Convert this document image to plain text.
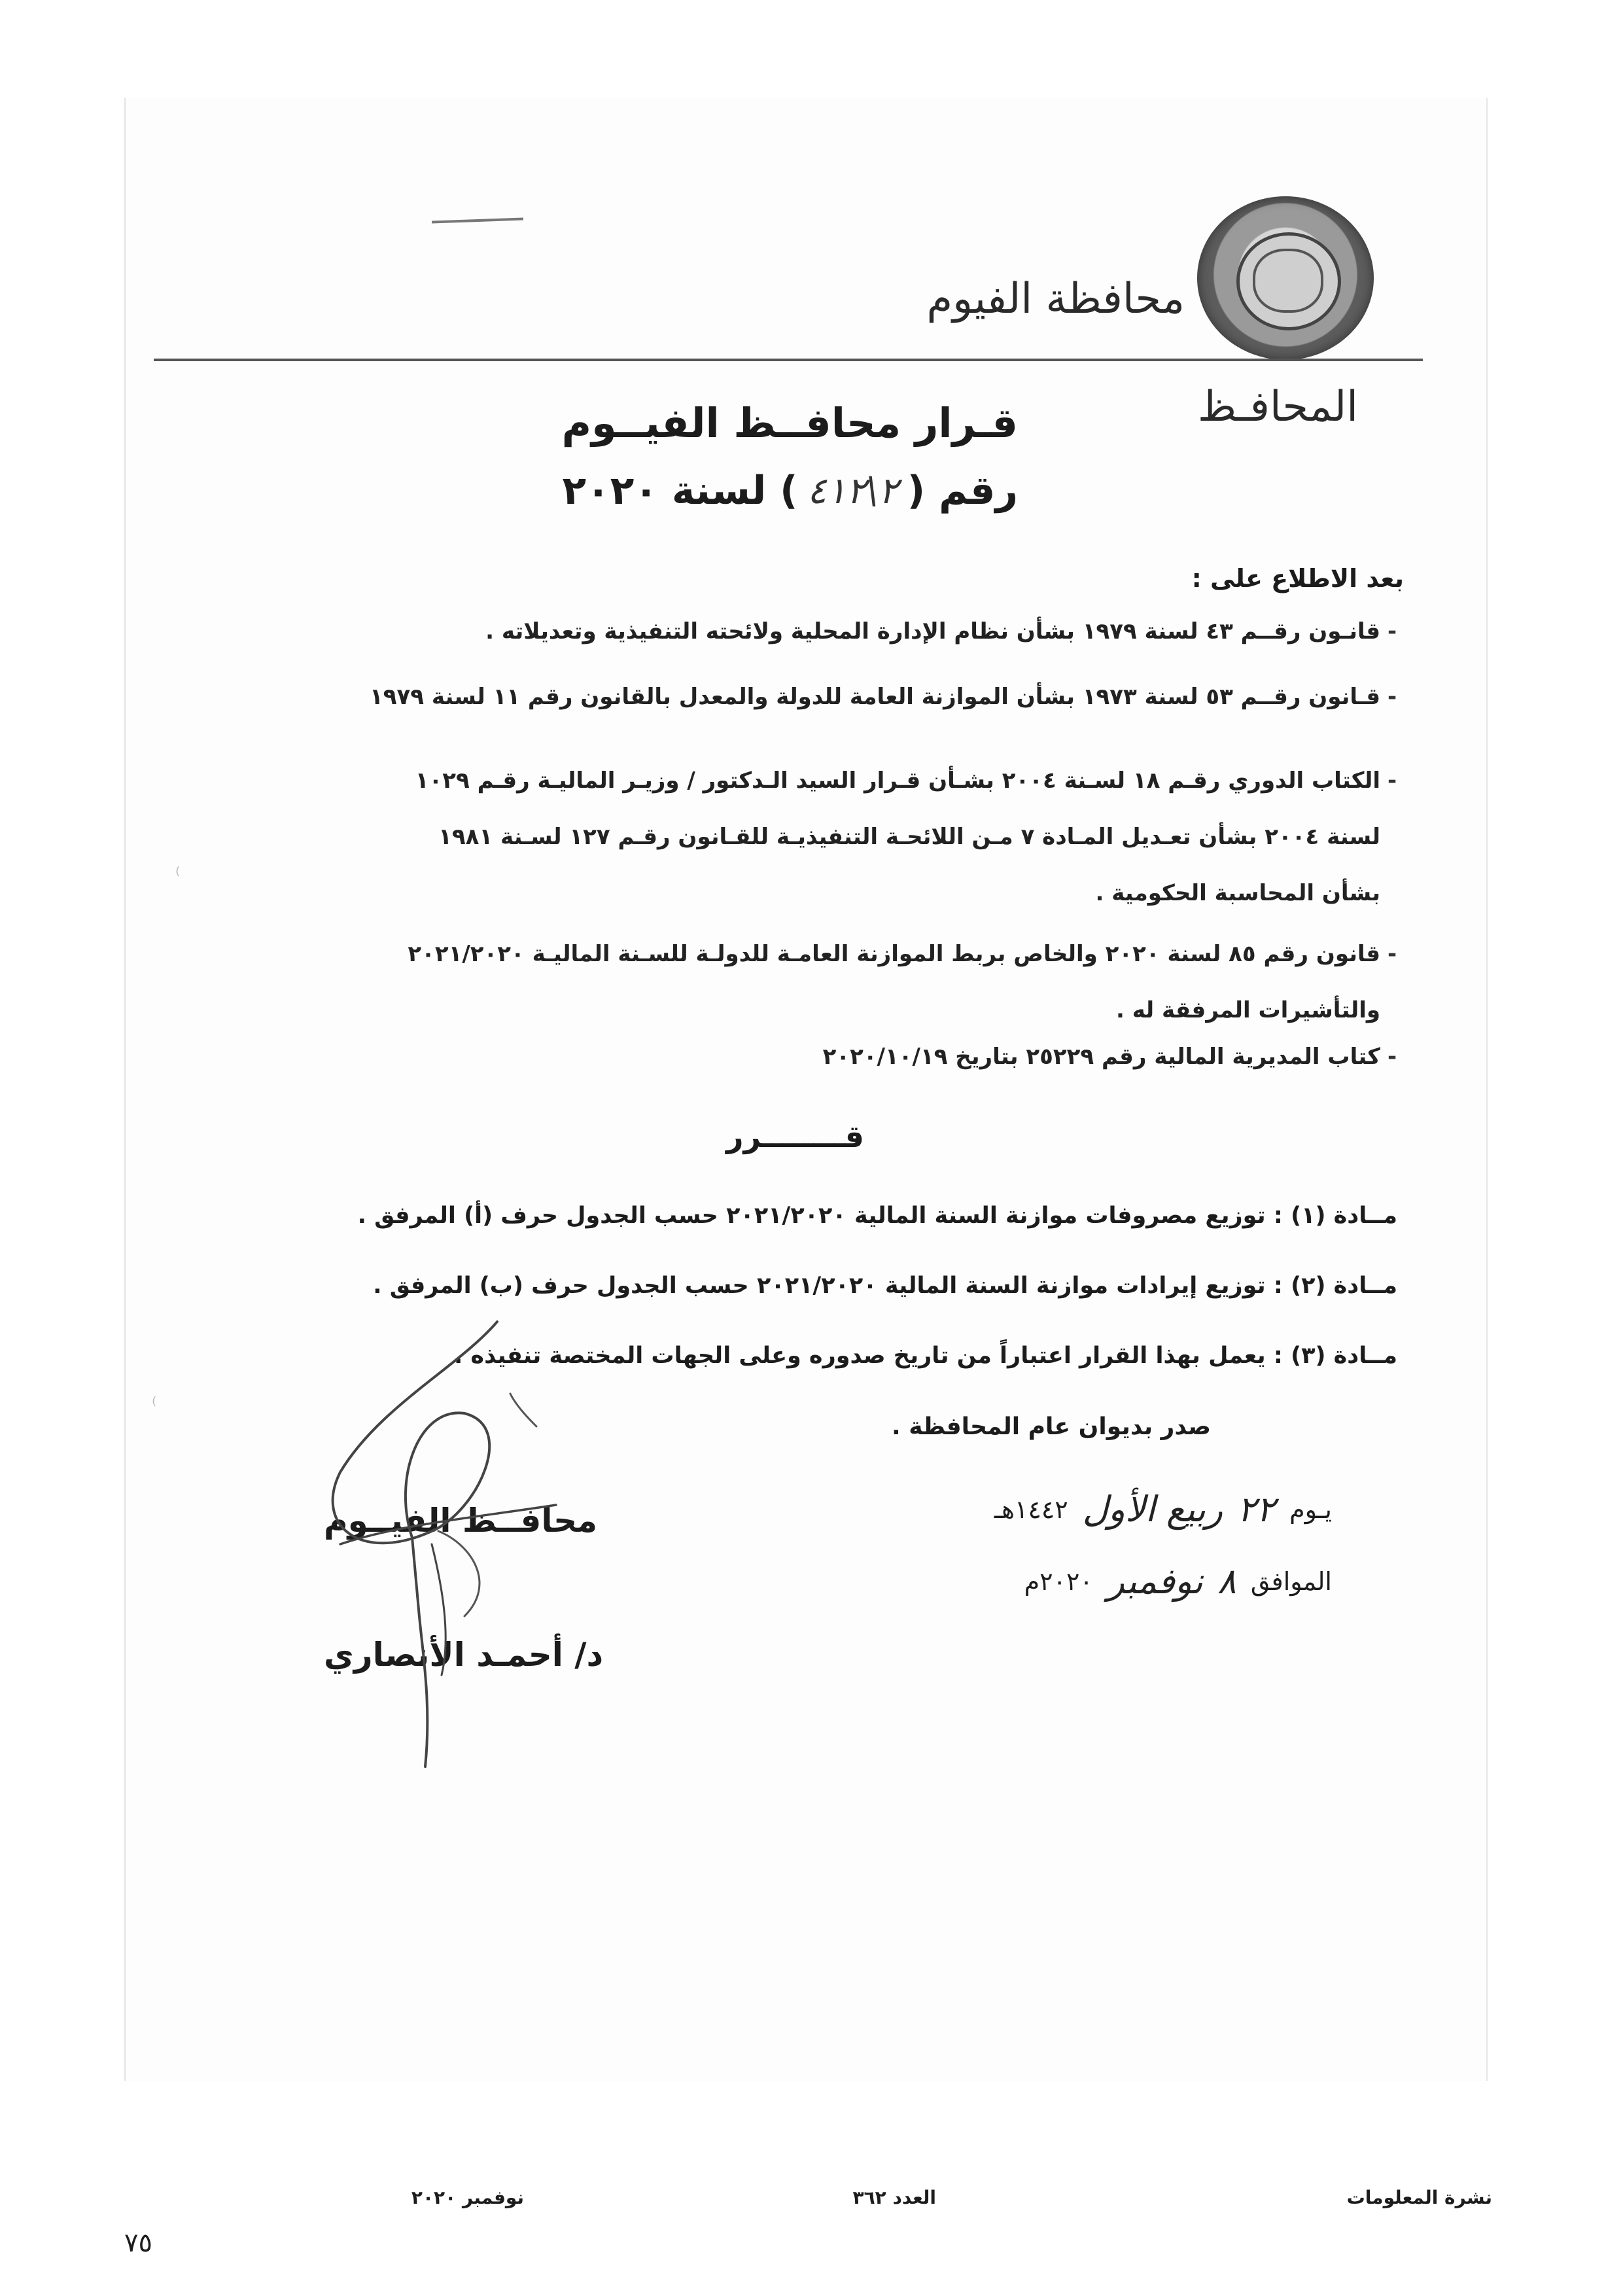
محافظة الفيوم
المحافـظ
قـرار محافــظ الفيــوم
رقم (
٢\٤١٢
) لسنة ٢٠٢٠
بعد الاطلاع على :
-قانـون رقــم ٤٣ لسنة ١٩٧٩ بشأن نظام الإدارة المحلية ولائحته التنفيذية وتعديلاته .
-قـانون رقــم ٥٣ لسنة ١٩٧٣ بشأن الموازنة العامة للدولة والمعدل بالقانون رقم ١١ لسنة ١٩٧٩
-الكتاب الدوري رقـم ١٨ لسـنة ٢٠٠٤ بشـأن قـرار السيد الـدكتور / وزيـر الماليـة رقـم ١٠٢٩
لسنة ٢٠٠٤ بشأن تعـديل المـادة ٧ مـن اللائحـة التنفيذيـة للقـانون رقـم ١٢٧ لسـنة ١٩٨١
بشأن المحاسبة الحكومية .
-قانون رقم ٨٥ لسنة ٢٠٢٠ والخاص بربط الموازنة العامـة للدولـة للسـنة الماليـة ٢٠٢١/٢٠٢٠
والتأشيرات المرفقة له .
-كتاب المديرية المالية رقم ٢٥٢٢٩ بتاريخ ٢٠٢٠/١٠/١٩
قــــــــرر
مــادة (١) : توزيع مصروفات موازنة السنة المالية ٢٠٢١/٢٠٢٠ حسب الجدول حرف (أ) المرفق .
مــادة (٢) : توزيع إيرادات موازنة السنة المالية ٢٠٢١/٢٠٢٠ حسب الجدول حرف (ب) المرفق .
مــادة (٣) : يعمل بهذا القرار اعتباراً من تاريخ صدوره وعلى الجهات المختصة تنفيذه .
صدر بديوان عام المحافظة .
يـوم
٢٢
ربيع الأول
١٤٤٢هـ
الموافق
٨
نوفمبر
٢٠٢٠م
محافــظ الفيــوم
د/ أحمـد الأنصاري
⁾
⁾
نشرة المعلومات
العدد ٣٦٢
نوفمبر ٢٠٢٠
٧٥
